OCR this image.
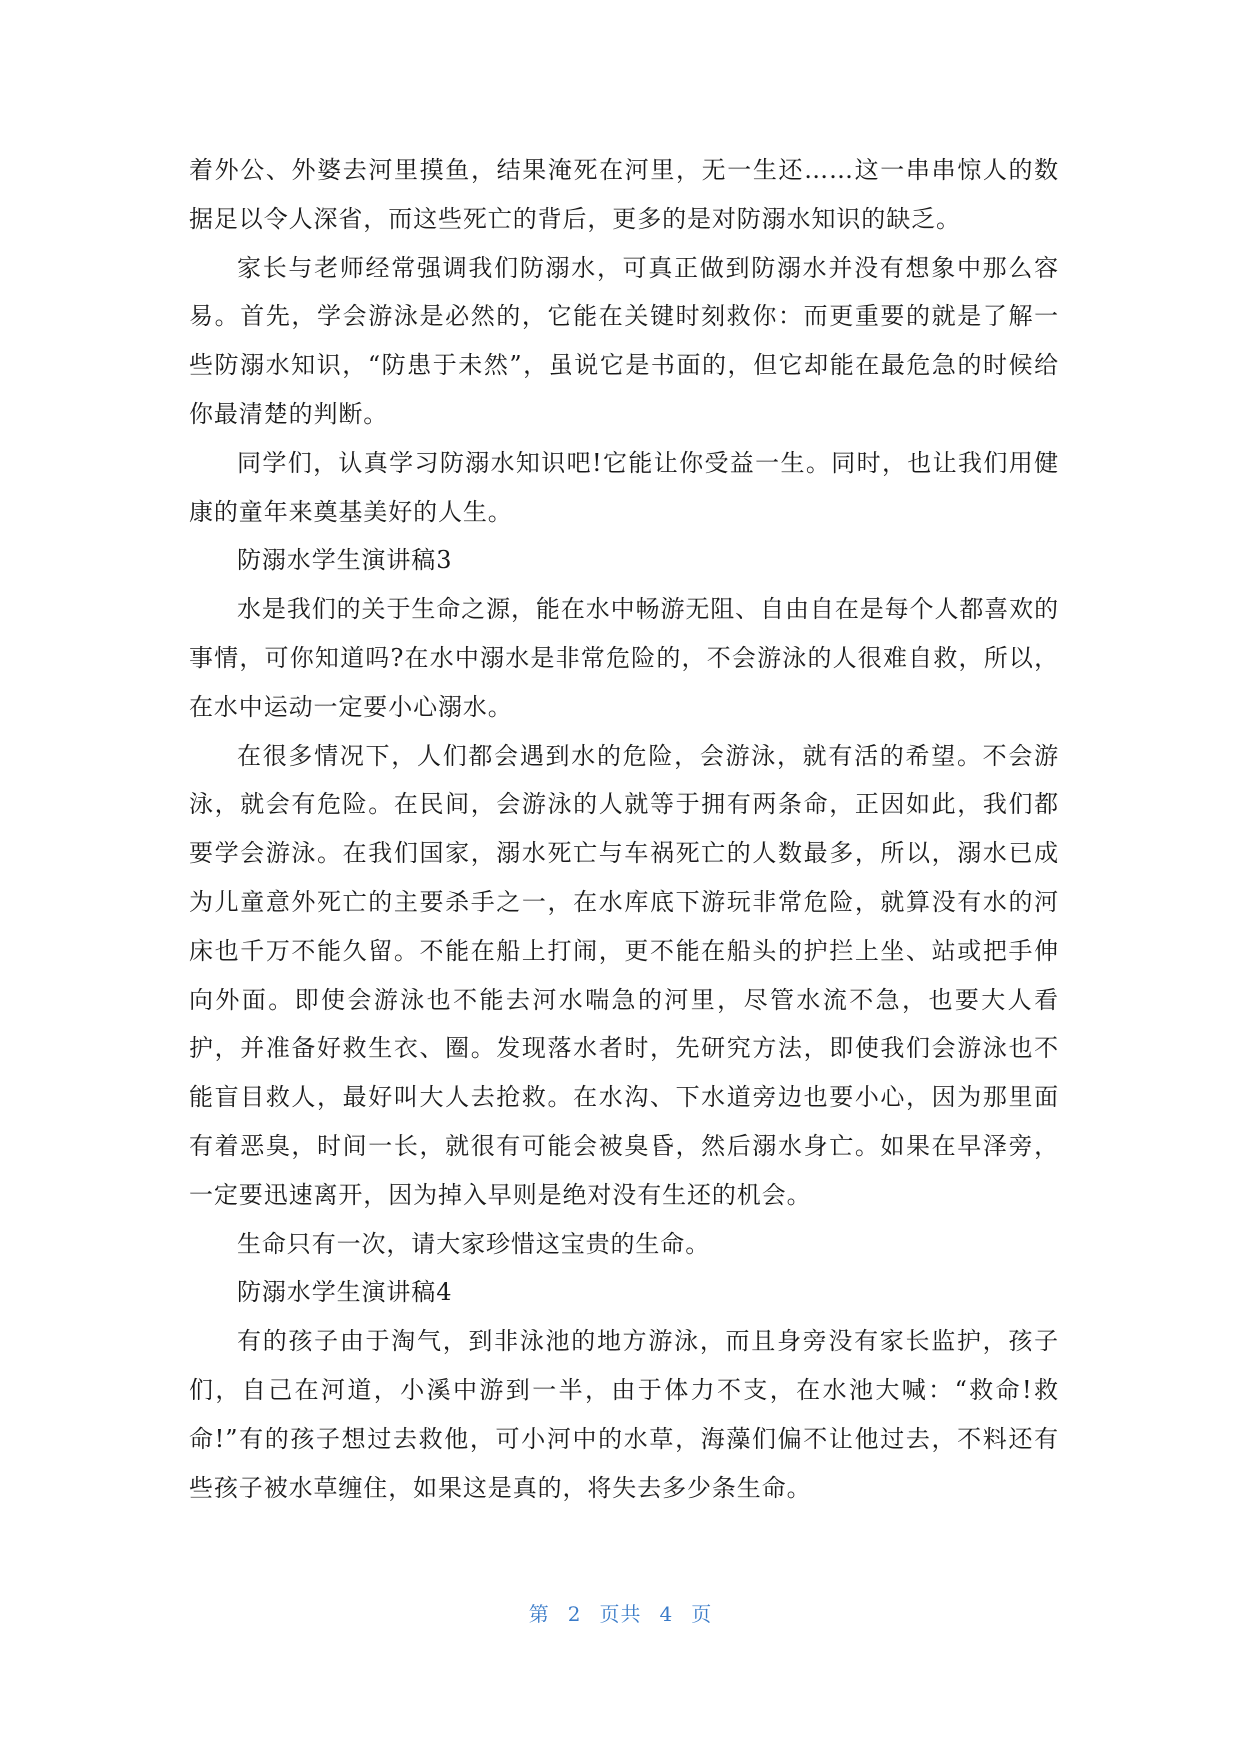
着外公、外婆去河里摸鱼，结果淹死在河里，无一生还……这一串串惊人的数据足以令人深省，而这些死亡的背后，更多的是对防溺水知识的缺乏。

家长与老师经常强调我们防溺水，可真正做到防溺水并没有想象中那么容易。首先，学会游泳是必然的，它能在关键时刻救你：而更重要的就是了解一些防溺水知识，“防患于未然”，虽说它是书面的，但它却能在最危急的时候给你最清楚的判断。

同学们，认真学习防溺水知识吧!它能让你受益一生。同时，也让我们用健康的童年来奠基美好的人生。

防溺水学生演讲稿3

水是我们的关于生命之源，能在水中畅游无阻、自由自在是每个人都喜欢的事情，可你知道吗?在水中溺水是非常危险的，不会游泳的人很难自救，所以，在水中运动一定要小心溺水。

在很多情况下，人们都会遇到水的危险，会游泳，就有活的希望。不会游泳，就会有危险。在民间，会游泳的人就等于拥有两条命，正因如此，我们都要学会游泳。在我们国家，溺水死亡与车祸死亡的人数最多，所以，溺水已成为儿童意外死亡的主要杀手之一，在水库底下游玩非常危险，就算没有水的河床也千万不能久留。不能在船上打闹，更不能在船头的护拦上坐、站或把手伸向外面。即使会游泳也不能去河水喘急的河里，尽管水流不急，也要大人看护，并准备好救生衣、圈。发现落水者时，先研究方法，即使我们会游泳也不能盲目救人，最好叫大人去抢救。在水沟、下水道旁边也要小心，因为那里面有着恶臭，时间一长，就很有可能会被臭昏，然后溺水身亡。如果在早泽旁，一定要迅速离开，因为掉入早则是绝对没有生还的机会。

生命只有一次，请大家珍惜这宝贵的生命。

防溺水学生演讲稿4

有的孩子由于淘气，到非泳池的地方游泳，而且身旁没有家长监护，孩子们，自己在河道，小溪中游到一半，由于体力不支，在水池大喊：“救命!救命!”有的孩子想过去救他，可小河中的水草，海藻们偏不让他过去，不料还有些孩子被水草缠住，如果这是真的，将失去多少条生命。

第 2 页共 4 页
